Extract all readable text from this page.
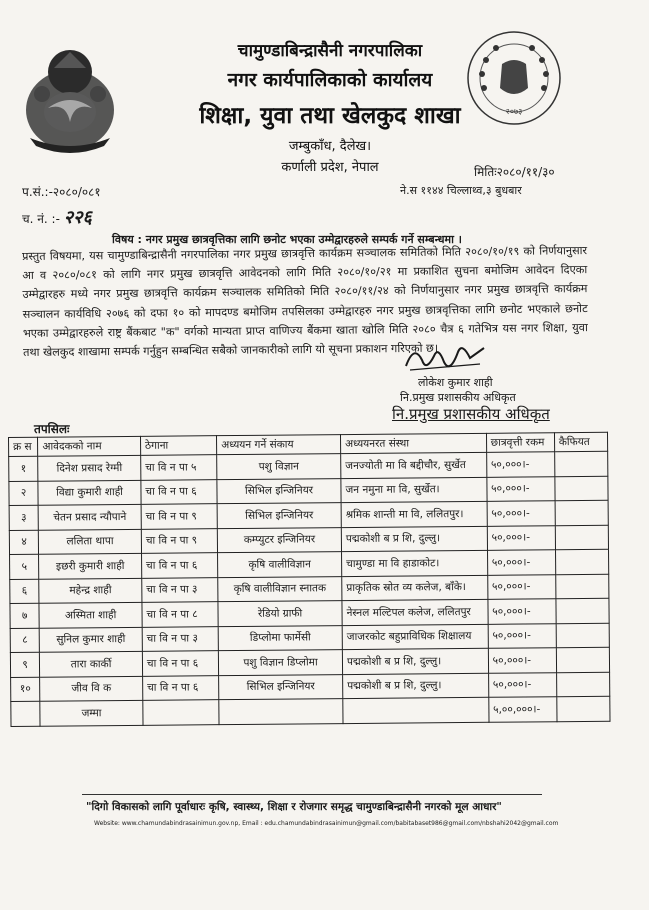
२०७३
चामुण्डाबिन्द्रासैनी नगरपालिका
नगर कार्यपालिकाको कार्यालय
शिक्षा, युवा तथा खेलकुद शाखा
जम्बुकाँध, दैलेख।
कर्णाली प्रदेश, नेपाल	मितिः२०८०/११/३०
प.सं.:-२०८०/०८१	ने.स ११४४ चिल्लाथ्व,३ बुधबार
च. नं. :- २२६
विषय : नगर प्रमुख छात्रवृत्तिका लागि छनोट भएका उम्मेद्वारहरुले सम्पर्क गर्ने सम्बन्धमा ।
प्रस्तुत विषयमा, यस चामुण्डाबिन्द्रासैनी नगरपालिका नगर प्रमुख छात्रवृत्ति कार्यक्रम सञ्चालक समितिको मिति २०८०/१०/१९ को निर्णयानुसार आ व २०८०/०८१ को लागि नगर प्रमुख छात्रवृत्ति आवेदनको लागि मिति २०८०/१०/२१ मा प्रकाशित सुचना बमोजिम आवेदन दिएका उम्मेद्वारहरु मध्ये नगर प्रमुख छात्रवृत्ति कार्यक्रम सञ्चालक समितिको मिति २०८०/११/२४ को निर्णयानुसार नगर प्रमुख छात्रवृत्ति कार्यक्रम सञ्चालन कार्यविधि २०७६ को दफा १० को मापदण्ड बमोजिम तपसिलका उम्मेद्वारहरु नगर प्रमुख छात्रवृत्तिका लागि छनोट भएकाले छनोट भएका उम्मेद्वारहरुले राष्ट्र बैंकबाट "क" वर्गको मान्यता प्राप्त वाणिज्य बैंकमा खाता खोलि मिति २०८० चैत्र ६ गतेभित्र यस नगर शिक्षा, युवा तथा खेलकुद शाखामा सम्पर्क गर्नुहुन सम्बन्धित सबैको जानकारीको लागि यो सूचना प्रकाशन गरिएको छ।
लोकेश कुमार शाही
नि.प्रमुख प्रशासकीय अधिकृत
नि.प्रमुख प्रशासकीय अधिकृत
तपसिलः
क्र स	आवेदकको नाम	ठेगाना	अध्ययन गर्ने संकाय	अध्ययनरत संस्था	छात्रवृत्ती रकम	कैफियत
१	दिनेश प्रसाद रेग्मी	चा वि न पा ५	पशु विज्ञान	जनज्योती मा वि बद्दीचौर, सुर्खेत	५०,०००।-	
२	विद्या कुमारी शाही	चा वि न पा ६	सिभिल इन्जिनियर	जन नमुना मा वि, सुर्खेत।	५०,०००।-	
३	चेतन प्रसाद न्यौपाने	चा वि न पा ९	सिभिल इन्जिनियर	श्रमिक शान्ती मा वि, ललितपुर।	५०,०००।-	
४	ललिता थापा	चा वि न पा ९	कम्प्युटर इन्जिनियर	पद्मकोशी ब प्र शि, दुल्लु।	५०,०००।-	
५	इछरी कुमारी शाही	चा वि न पा ६	कृषि वालीविज्ञान	चामुण्डा मा वि हाडाकोट।	५०,०००।-	
६	महेन्द्र शाही	चा वि न पा ३	कृषि वालीविज्ञान स्नातक	प्राकृतिक स्रोत व्य कलेज, बाँके।	५०,०००।-	
७	अस्मिता शाही	चा वि न पा ८	रेडियो ग्राफी	नेस्नल मल्टिपल कलेज, ललितपुर	५०,०००।-	
८	सुनिल कुमार शाही	चा वि न पा ३	डिप्लोमा फार्मेसी	जाजरकोट बहुप्राविधिक शिक्षालय	५०,०००।-	
९	तारा कार्की	चा वि न पा ६	पशु विज्ञान डिप्लोमा	पद्मकोशी ब प्र शि, दुल्लु।	५०,०००।-	
१०	जीव वि क	चा वि न पा ६	सिभिल इन्जिनियर	पद्मकोशी ब प्र शि, दुल्लु।	५०,०००।-	
	जम्मा				५,००,०००।-	
"दिगो विकासको लागि पूर्वाधारः कृषि, स्वास्थ्य, शिक्षा र रोजगार समृद्ध चामुण्डाबिन्द्रासैनी नगरको मूल आधार"
Website: www.chamundabindrasainimun.gov.np, Email : edu.chamundabindrasainimun@gmail.com/babitabaset986@gmail.com/nbshahi2042@gmail.com
